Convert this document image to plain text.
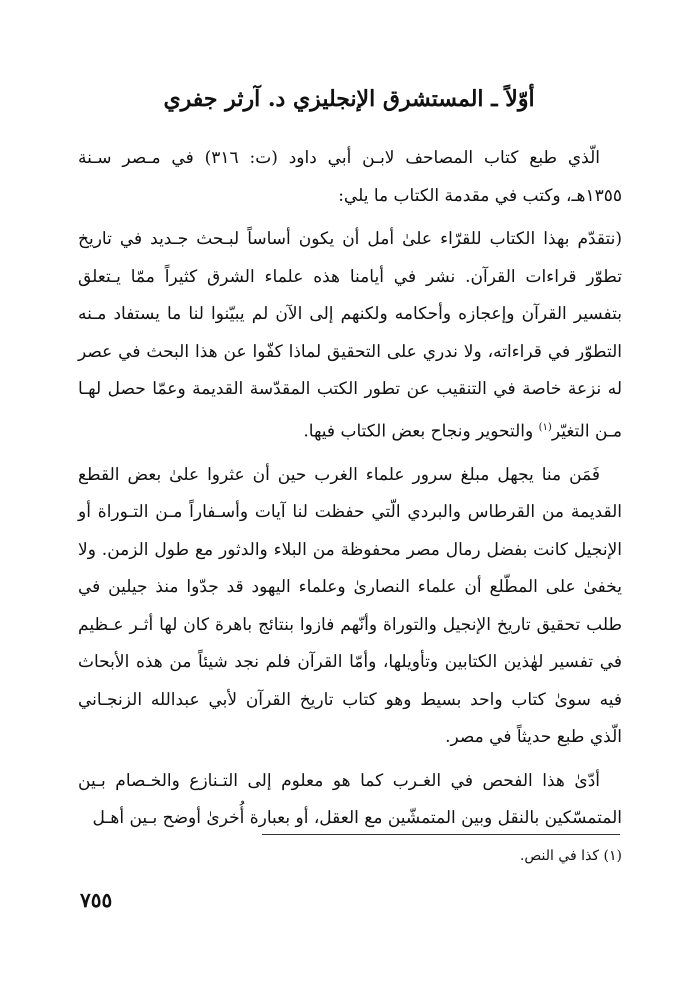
أوّلاً ـ المستشرق الإنجليزي د. آرثر جفري

الّذي طبع كتاب المصاحف لابـن أبي داود (ت: ٣١٦) في مـصر سـنة ١٣٥٥هـ، وكتب في مقدمة الكتاب ما يلي:

(نتقدّم بهذا الكتاب للقرّاء علىٰ أمل أن يكون أساساً لبـحث جـديد في تاريخ تطوّر قراءات القرآن. نشر في أيامنا هذه علماء الشرق كثيراً ممّا يـتعلق بتفسير القرآن وإعجازه وأحكامه ولكنهم إلى الآن لم يبيّنوا لنا ما يستفاد مـنه التطوّر في قراءاته، ولا ندري على التحقيق لماذا كفّوا عن هذا البحث في عصر له نزعة خاصة في التنقيب عن تطور الكتب المقدّسة القديمة وعمّا حصل لهـا مـن التغيّر$^{(١)}$ والتحوير ونجاح بعض الكتاب فيها.

فَمَن منا يجهل مبلغ سرور علماء الغرب حين أن عثروا علىٰ بعض القطع القديمة من القرطاس والبردي الّتي حفظت لنا آيات وأسـفاراً مـن التـوراة أو الإنجيل كانت بفضل رمال مصر محفوظة من البلاء والدثور مع طول الزمن. ولا يخفىٰ على المطّلع أن علماء النصارىٰ وعلماء اليهود قد جدّوا منذ جيلين في طلب تحقيق تاريخ الإنجيل والتوراة وأنّهم فازوا بنتائج باهرة كان لها أثـر عـظيم في تفسير لهٰذين الكتابين وتأويلها، وأمّا القرآن فلم نجد شيئاً من هذه الأبحاث فيه سوىٰ كتاب واحد بسيط وهو كتاب تاريخ القرآن لأبي عبدالله الزنجـاني الّذي طبع حديثاً في مصر.

أدّىٰ هذا الفحص في الغـرب كما هو معلوم إلى التـنازع والخـصام بـين المتمسّكين بالنقل وبين المتمشّين مع العقل، أو بعبارة أُخرىٰ أوضح بـين أهـل

(١) كذا في النص.
٧٥٥
